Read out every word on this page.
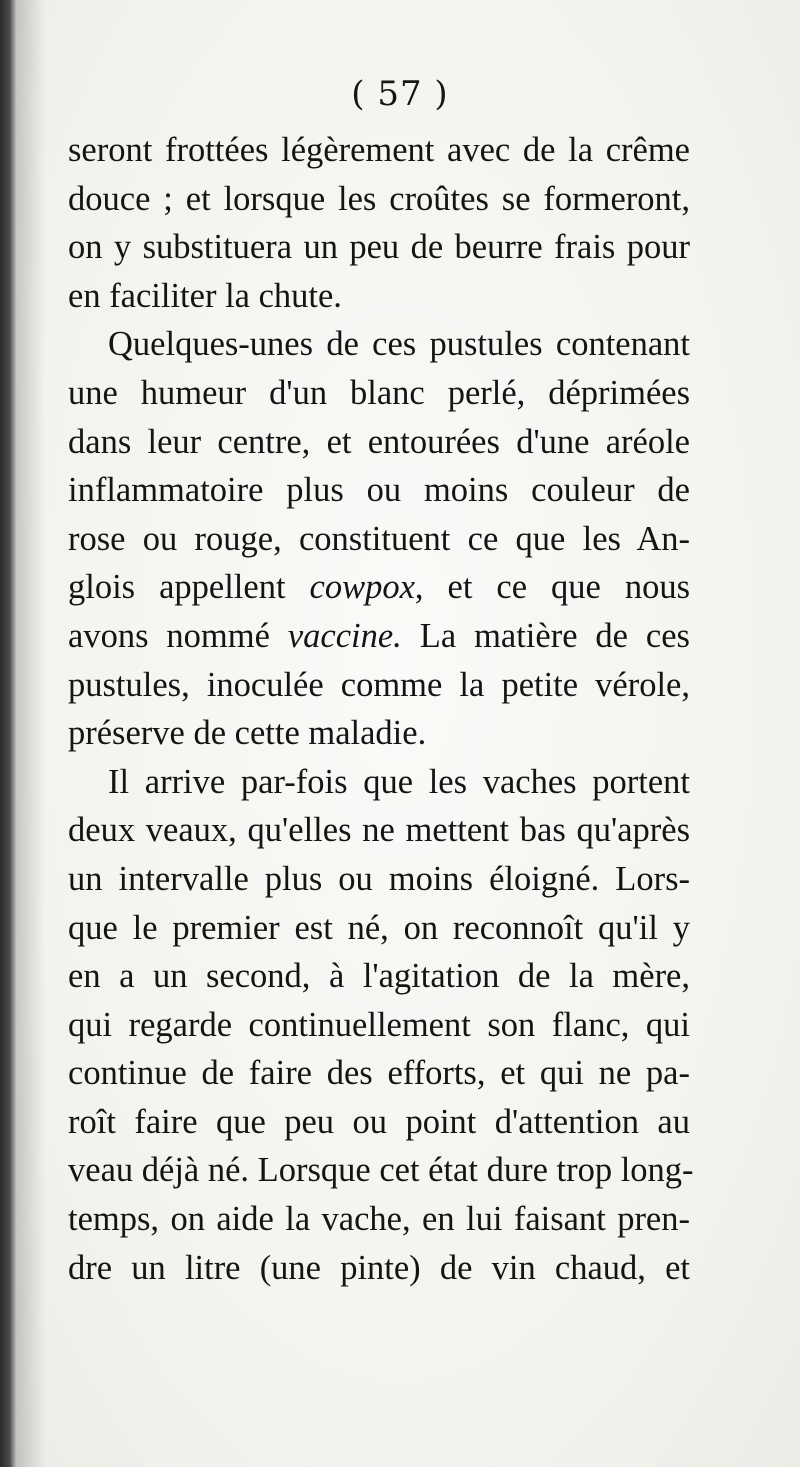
( 57 )
seront frottées légèrement avec de la crême
douce ; et lorsque les croûtes se formeront,
on y substituera un peu de beurre frais pour
en faciliter la chute.
Quelques-unes de ces pustules contenant
une humeur d'un blanc perlé, déprimées
dans leur centre, et entourées d'une aréole
inflammatoire plus ou moins couleur de
rose ou rouge, constituent ce que les An-
glois appellent cowpox, et ce que nous
avons nommé vaccine. La matière de ces
pustules, inoculée comme la petite vérole,
préserve de cette maladie.
Il arrive par-fois que les vaches portent
deux veaux, qu'elles ne mettent bas qu'après
un intervalle plus ou moins éloigné. Lors-
que le premier est né, on reconnoît qu'il y
en a un second, à l'agitation de la mère,
qui regarde continuellement son flanc, qui
continue de faire des efforts, et qui ne pa-
roît faire que peu ou point d'attention au
veau déjà né. Lorsque cet état dure trop long-
temps, on aide la vache, en lui faisant pren-
dre un litre (une pinte) de vin chaud, et
